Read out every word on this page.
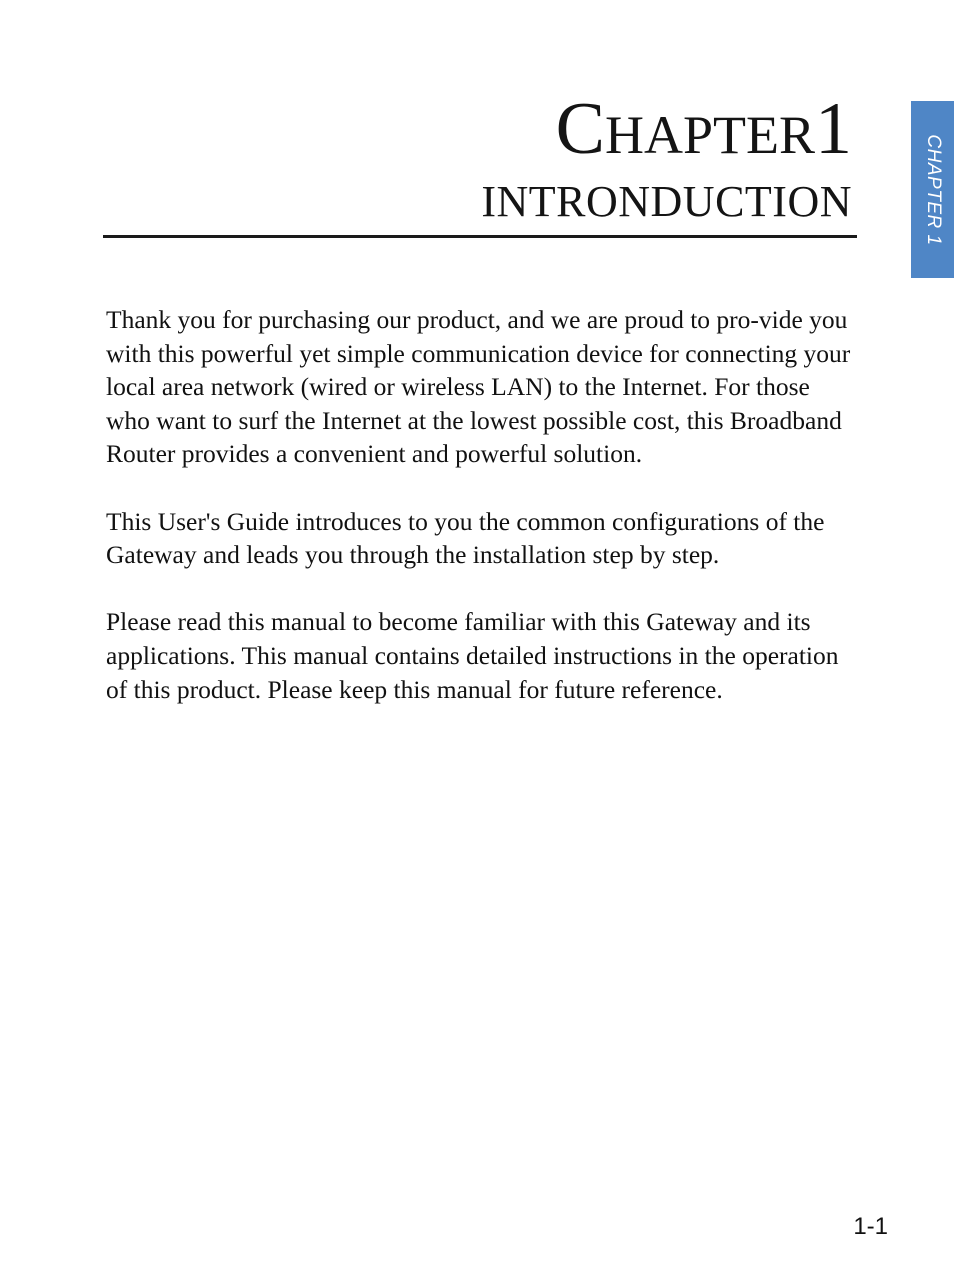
CHAPTER 1
CHAPTER1
INTRONDUCTION

Thank you for purchasing our product, and we are proud to pro-vide you with this powerful yet simple communication device for connecting your local area network (wired or wireless LAN) to the Internet. For those who want to surf the Internet at the lowest possible cost, this Broadband Router provides a convenient and powerful solution.

This User's Guide introduces to you the common configurations of the Gateway and leads you through the installation step by step.

Please read this manual to become familiar with this Gateway and its applications. This manual contains detailed instructions in the operation of this product. Please keep this manual for future reference.

1-1
